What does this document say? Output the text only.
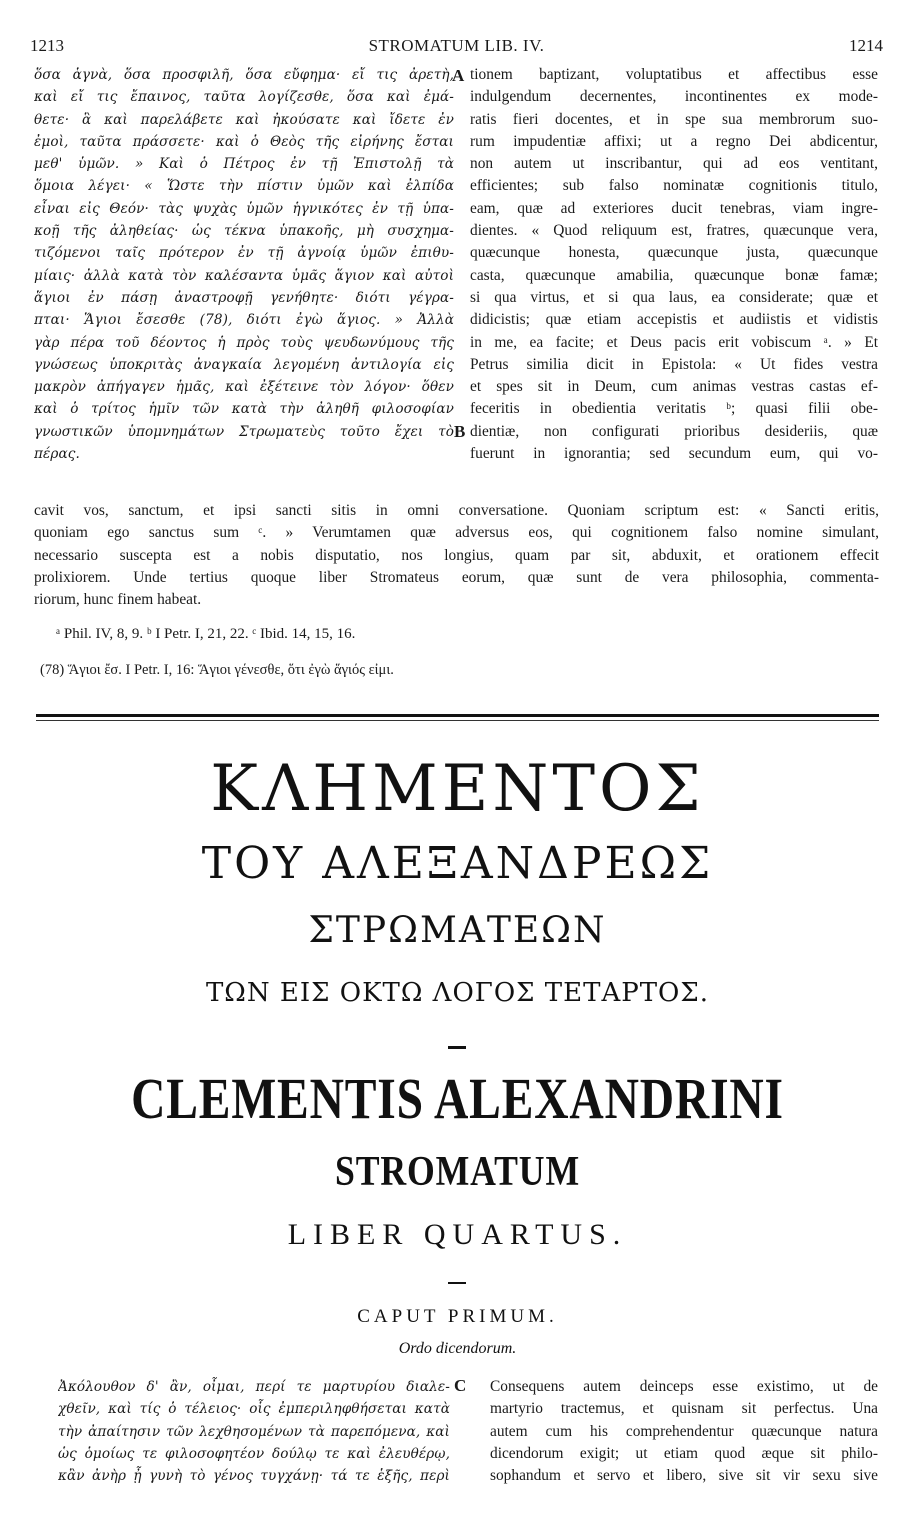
1213	STROMATUM LIB. IV.	1214
ὅσα ἁγνὰ, ὅσα προσφιλῆ, ὅσα εὔφημα· εἴ τις ἀρετὴ,
καὶ εἴ τις ἔπαινος, ταῦτα λογίζεσθε, ὅσα καὶ ἐμά-
θετε· ἃ καὶ παρελάβετε καὶ ἠκούσατε καὶ ἴδετε ἐν
ἐμοὶ, ταῦτα πράσσετε· καὶ ὁ Θεὸς τῆς εἰρήνης ἔσται
μεθ' ὑμῶν. » Καὶ ὁ Πέτρος ἐν τῇ Ἐπιστολῇ τὰ
ὅμοια λέγει· « Ὥστε τὴν πίστιν ὑμῶν καὶ ἐλπίδα
εἶναι εἰς Θεόν· τὰς ψυχὰς ὑμῶν ἡγνικότες ἐν τῇ ὑπα-
κοῇ τῆς ἀληθείας· ὡς τέκνα ὑπακοῆς, μὴ συσχημα-
τιζόμενοι ταῖς πρότερον ἐν τῇ ἀγνοίᾳ ὑμῶν ἐπιθυ-
μίαις· ἀλλὰ κατὰ τὸν καλέσαντα ὑμᾶς ἅγιον καὶ αὐτοὶ
ἅγιοι ἐν πάσῃ ἀναστροφῇ γενήθητε· διότι γέγρα-
πται· Ἅγιοι ἔσεσθε (78), διότι ἐγὼ ἅγιος. » Ἀλλὰ
γὰρ πέρα τοῦ δέοντος ἡ πρὸς τοὺς ψευδωνύμους τῆς
γνώσεως ὑποκριτὰς ἀναγκαία λεγομένη ἀντιλογία εἰς
μακρὸν ἀπήγαγεν ἡμᾶς, καὶ ἐξέτεινε τὸν λόγον· ὅθεν
καὶ ὁ τρίτος ἡμῖν τῶν κατὰ τὴν ἀληθῆ φιλοσοφίαν
γνωστικῶν ὑπομνημάτων Στρωματεὺς τοῦτο ἔχει τὸ
πέρας.
tionem baptizant, voluptatibus et affectibus esse
indulgendum decernentes, incontinentes ex mode-
ratis fieri docentes, et in spe sua membrorum suo-
rum impudentiæ affixi; ut a regno Dei abdicentur,
non autem ut inscribantur, qui ad eos ventitant,
efficientes; sub falso nominatæ cognitionis titulo,
eam, quæ ad exteriores ducit tenebras, viam ingre-
dientes. « Quod reliquum est, fratres, quæcunque vera,
quæcunque honesta, quæcunque justa, quæcunque
casta, quæcunque amabilia, quæcunque bonæ famæ;
si qua virtus, et si qua laus, ea considerate; quæ et
didicistis; quæ etiam accepistis et audiistis et vidistis
in me, ea facite; et Deus pacis erit vobiscum ᵃ. » Et
Petrus similia dicit in Epistola: « Ut fides vestra
et spes sit in Deum, cum animas vestras castas ef-
feceritis in obedientia veritatis ᵇ; quasi filii obe-
dientiæ, non configurati prioribus desideriis, quæ
fuerunt in ignorantia; sed secundum eum, qui vo-
A
B
C
cavit vos, sanctum, et ipsi sancti sitis in omni conversatione. Quoniam scriptum est: « Sancti eritis,
quoniam ego sanctus sum ᶜ. » Verumtamen quæ adversus eos, qui cognitionem falso nomine simulant,
necessario suscepta est a nobis disputatio, nos longius, quam par sit, abduxit, et orationem effecit
prolixiorem. Unde tertius quoque liber Stromateus eorum, quæ sunt de vera philosophia, commenta-
riorum, hunc finem habeat.
ᵃ Phil. IV, 8, 9. ᵇ I Petr. I, 21, 22. ᶜ Ibid. 14, 15, 16.
(78) Ἅγιοι ἔσ. I Petr. I, 16: Ἅγιοι γένεσθε, ὅτι ἐγὼ ἅγιός εἰμι.
ΚΛΗΜΕΝΤΟΣ
ΤΟΥ ΑΛΕΞΑΝΔΡΕΩΣ
ΣΤΡΩΜΑΤΕΩΝ
ΤΩΝ ΕΙΣ ΟΚΤΩ ΛΟΓΟΣ ΤΕΤΑΡΤΟΣ.
CLEMENTIS ALEXANDRINI
STROMATUM
LIBER QUARTUS.
CAPUT PRIMUM.
Ordo dicendorum.
Ἀκόλουθον δ' ἂν, οἶμαι, περί τε μαρτυρίου διαλε-
χθεῖν, καὶ τίς ὁ τέλειος· οἷς ἐμπεριληφθήσεται κατὰ
τὴν ἀπαίτησιν τῶν λεχθησομένων τὰ παρεπόμενα, καὶ
ὡς ὁμοίως τε φιλοσοφητέον δούλῳ τε καὶ ἐλευθέρῳ,
κἂν ἀνὴρ ᾖ γυνὴ τὸ γένος τυγχάνῃ· τά τε ἑξῆς, περὶ
Consequens autem deinceps esse existimo, ut de
martyrio tractemus, et quisnam sit perfectus. Una
autem cum his comprehendentur quæcunque natura
dicendorum exigit; ut etiam quod æque sit philo-
sophandum et servo et libero, sive sit vir sexu sive
